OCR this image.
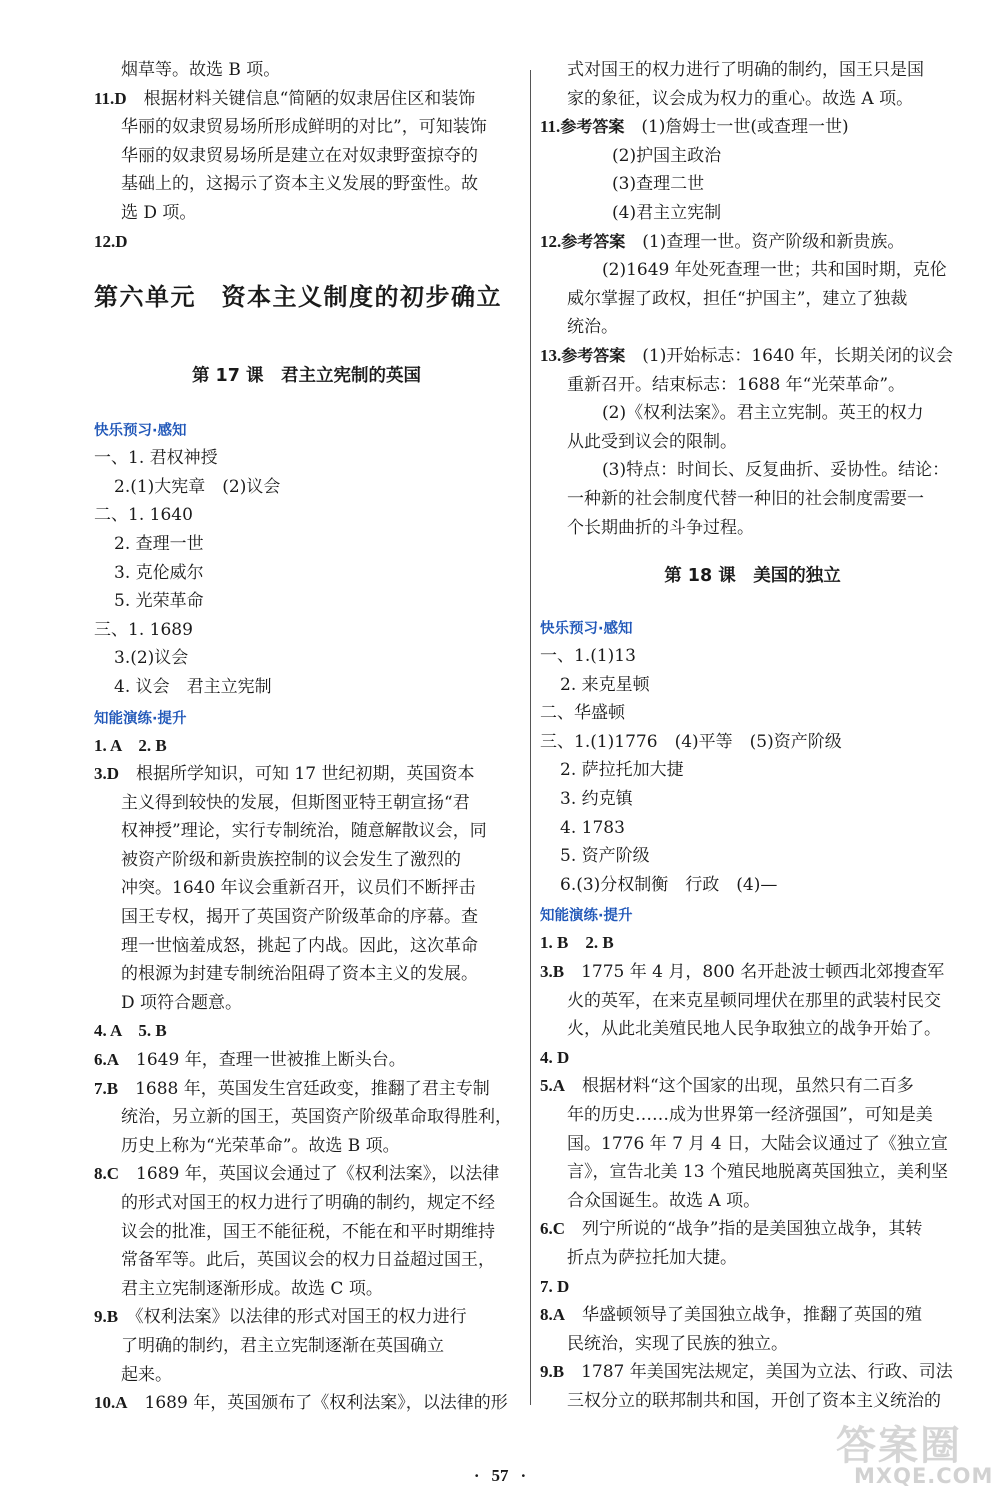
烟草等。故选 B 项。

11.D　 根据材料关键信息“简陋的奴隶居住区和装饰

华丽的奴隶贸易场所形成鲜明的对比”，可知装饰

华丽的奴隶贸易场所是建立在对奴隶野蛮掠夺的

基础上的，这揭示了资本主义发展的野蛮性。故

选 D 项。

12.D

第六单元　资本主义制度的初步确立

第 17 课　君主立宪制的英国

快乐预习·感知

一、1. 君权神授

2.(1)大宪章　(2)议会

二、1. 1640

2. 查理一世

3. 克伦威尔

5. 光荣革命

三、1. 1689

3.(2)议会

4. 议会　君主立宪制

知能演练·提升

1. A　2. B

3.D　 根据所学知识，可知 17 世纪初期，英国资本

主义得到较快的发展，但斯图亚特王朝宣扬“君

权神授”理论，实行专制统治，随意解散议会，同

被资产阶级和新贵族控制的议会发生了激烈的

冲突。1640 年议会重新召开，议员们不断抨击

国王专权，揭开了英国资产阶级革命的序幕。查

理一世恼羞成怒，挑起了内战。因此，这次革命

的根源为封建专制统治阻碍了资本主义的发展。

D 项符合题意。

4. A　5. B

6.A　 1649 年，查理一世被推上断头台。

7.B　 1688 年，英国发生宫廷政变，推翻了君主专制

统治，另立新的国王，英国资产阶级革命取得胜利，

历史上称为“光荣革命”。故选 B 项。

8.C　 1689 年，英国议会通过了《权利法案》，以法律

的形式对国王的权力进行了明确的制约，规定不经

议会的批准，国王不能征税，不能在和平时期维持

常备军等。此后，英国议会的权力日益超过国王，

君主立宪制逐渐形成。故选 C 项。

9.B　 《权利法案》以法律的形式对国王的权力进行

了明确的制约，君主立宪制逐渐在英国确立

起来。

10.A　 1689 年，英国颁布了《权利法案》，以法律的形

式对国王的权力进行了明确的制约，国王只是国

家的象征，议会成为权力的重心。故选 A 项。

11.参考答案　 (1)詹姆士一世(或查理一世)

(2)护国主政治

(3)查理二世

(4)君主立宪制

12.参考答案　 (1)查理一世。资产阶级和新贵族。

(2)1649 年处死查理一世；共和国时期，克伦

威尔掌握了政权，担任“护国主”，建立了独裁

统治。

13.参考答案　 (1)开始标志：1640 年，长期关闭的议会

重新召开。结束标志：1688 年“光荣革命”。

(2)《权利法案》。君主立宪制。英王的权力

从此受到议会的限制。

(3)特点：时间长、反复曲折、妥协性。结论：

一种新的社会制度代替一种旧的社会制度需要一

个长期曲折的斗争过程。

第 18 课　美国的独立

快乐预习·感知

一、1.(1)13

2. 来克星顿

二、华盛顿

三、1.(1)1776　(4)平等　(5)资产阶级

2. 萨拉托加大捷

3. 约克镇

4. 1783

5. 资产阶级

6.(3)分权制衡　行政　(4)—

知能演练·提升

1. B　2. B

3.B　 1775 年 4 月，800 名开赴波士顿西北郊搜查军

火的英军，在来克星顿同埋伏在那里的武装村民交

火，从此北美殖民地人民争取独立的战争开始了。

4. D

5.A　 根据材料“这个国家的出现，虽然只有二百多

年的历史……成为世界第一经济强国”，可知是美

国。1776 年 7 月 4 日，大陆会议通过了《独立宣

言》，宣告北美 13 个殖民地脱离英国独立，美利坚

合众国诞生。故选 A 项。

6.C　 列宁所说的“战争”指的是美国独立战争，其转

折点为萨拉托加大捷。

7. D

8.A　 华盛顿领导了美国独立战争，推翻了英国的殖

民统治，实现了民族的独立。

9.B　 1787 年美国宪法规定，美国为立法、行政、司法

三权分立的联邦制共和国，开创了资本主义统治的

· 57 ·
答案圈
MXQE.COM
